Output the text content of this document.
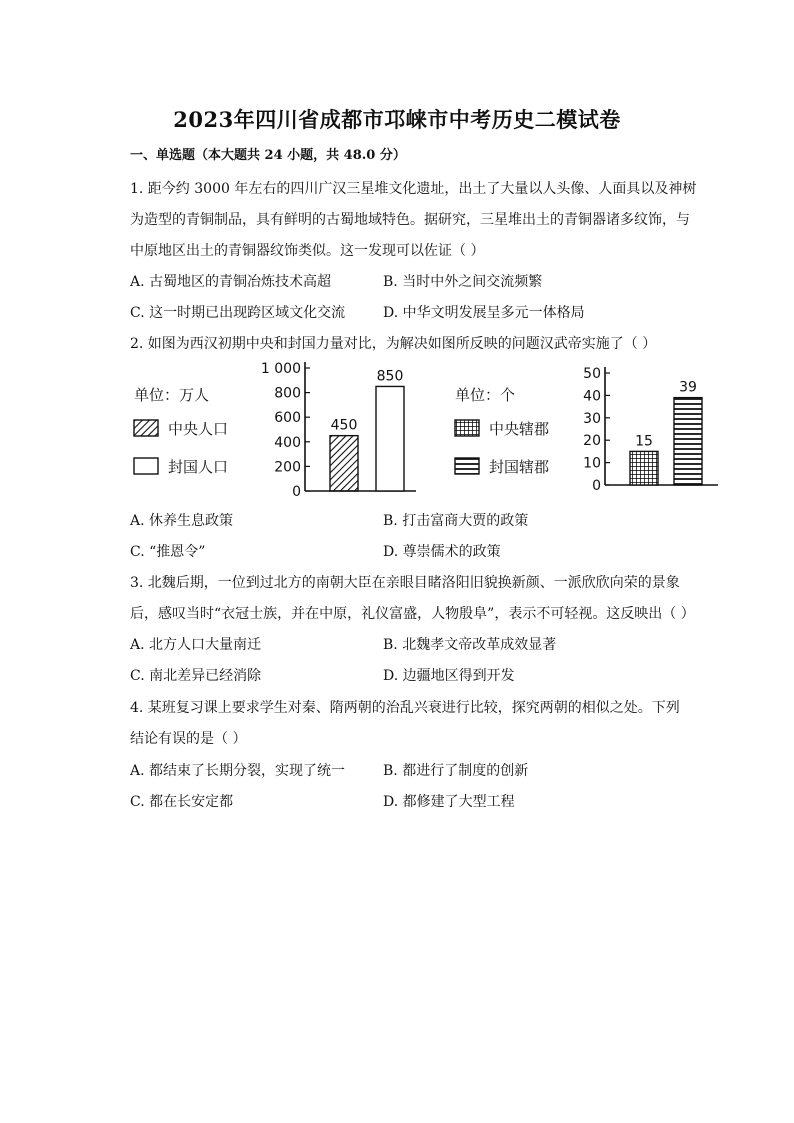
2023年四川省成都市邛崃市中考历史二模试卷
一、单选题（本大题共 24 小题，共 48.0 分）
1. 距今约 3000 年左右的四川广汉三星堆文化遗址，出土了大量以人头像、人面具以及神树
为造型的青铜制品，具有鲜明的古蜀地域特色。据研究，三星堆出土的青铜器诸多纹饰，与
中原地区出土的青铜器纹饰类似。这一发现可以佐证（ ）
A. 古蜀地区的青铜冶炼技术高超	B. 当时中外之间交流频繁
C. 这一时期已出现跨区域文化交流	D. 中华文明发展呈多元一体格局
2. 如图为西汉初期中央和封国力量对比，为解决如图所反映的问题汉武帝实施了（ ）
单位：万人
中央人口
封国人口
0
200
400
600
800
1 000
450
850
单位：个
中央辖郡
封国辖郡
0
10
20
30
40
50
15
39
A. 休养生息政策	B. 打击富商大贾的政策
C. “推恩令”	D. 尊崇儒术的政策
3. 北魏后期，一位到过北方的南朝大臣在亲眼目睹洛阳旧貌换新颜、一派欣欣向荣的景象
后，感叹当时“衣冠士族，并在中原，礼仪富盛，人物殷阜”，表示不可轻视。这反映出（ ）
A. 北方人口大量南迁	B. 北魏孝文帝改革成效显著
C. 南北差异已经消除	D. 边疆地区得到开发
4. 某班复习课上要求学生对秦、隋两朝的治乱兴衰进行比较，探究两朝的相似之处。下列
结论有误的是（ ）
A. 都结束了长期分裂，实现了统一	B. 都进行了制度的创新
C. 都在长安定都	D. 都修建了大型工程
